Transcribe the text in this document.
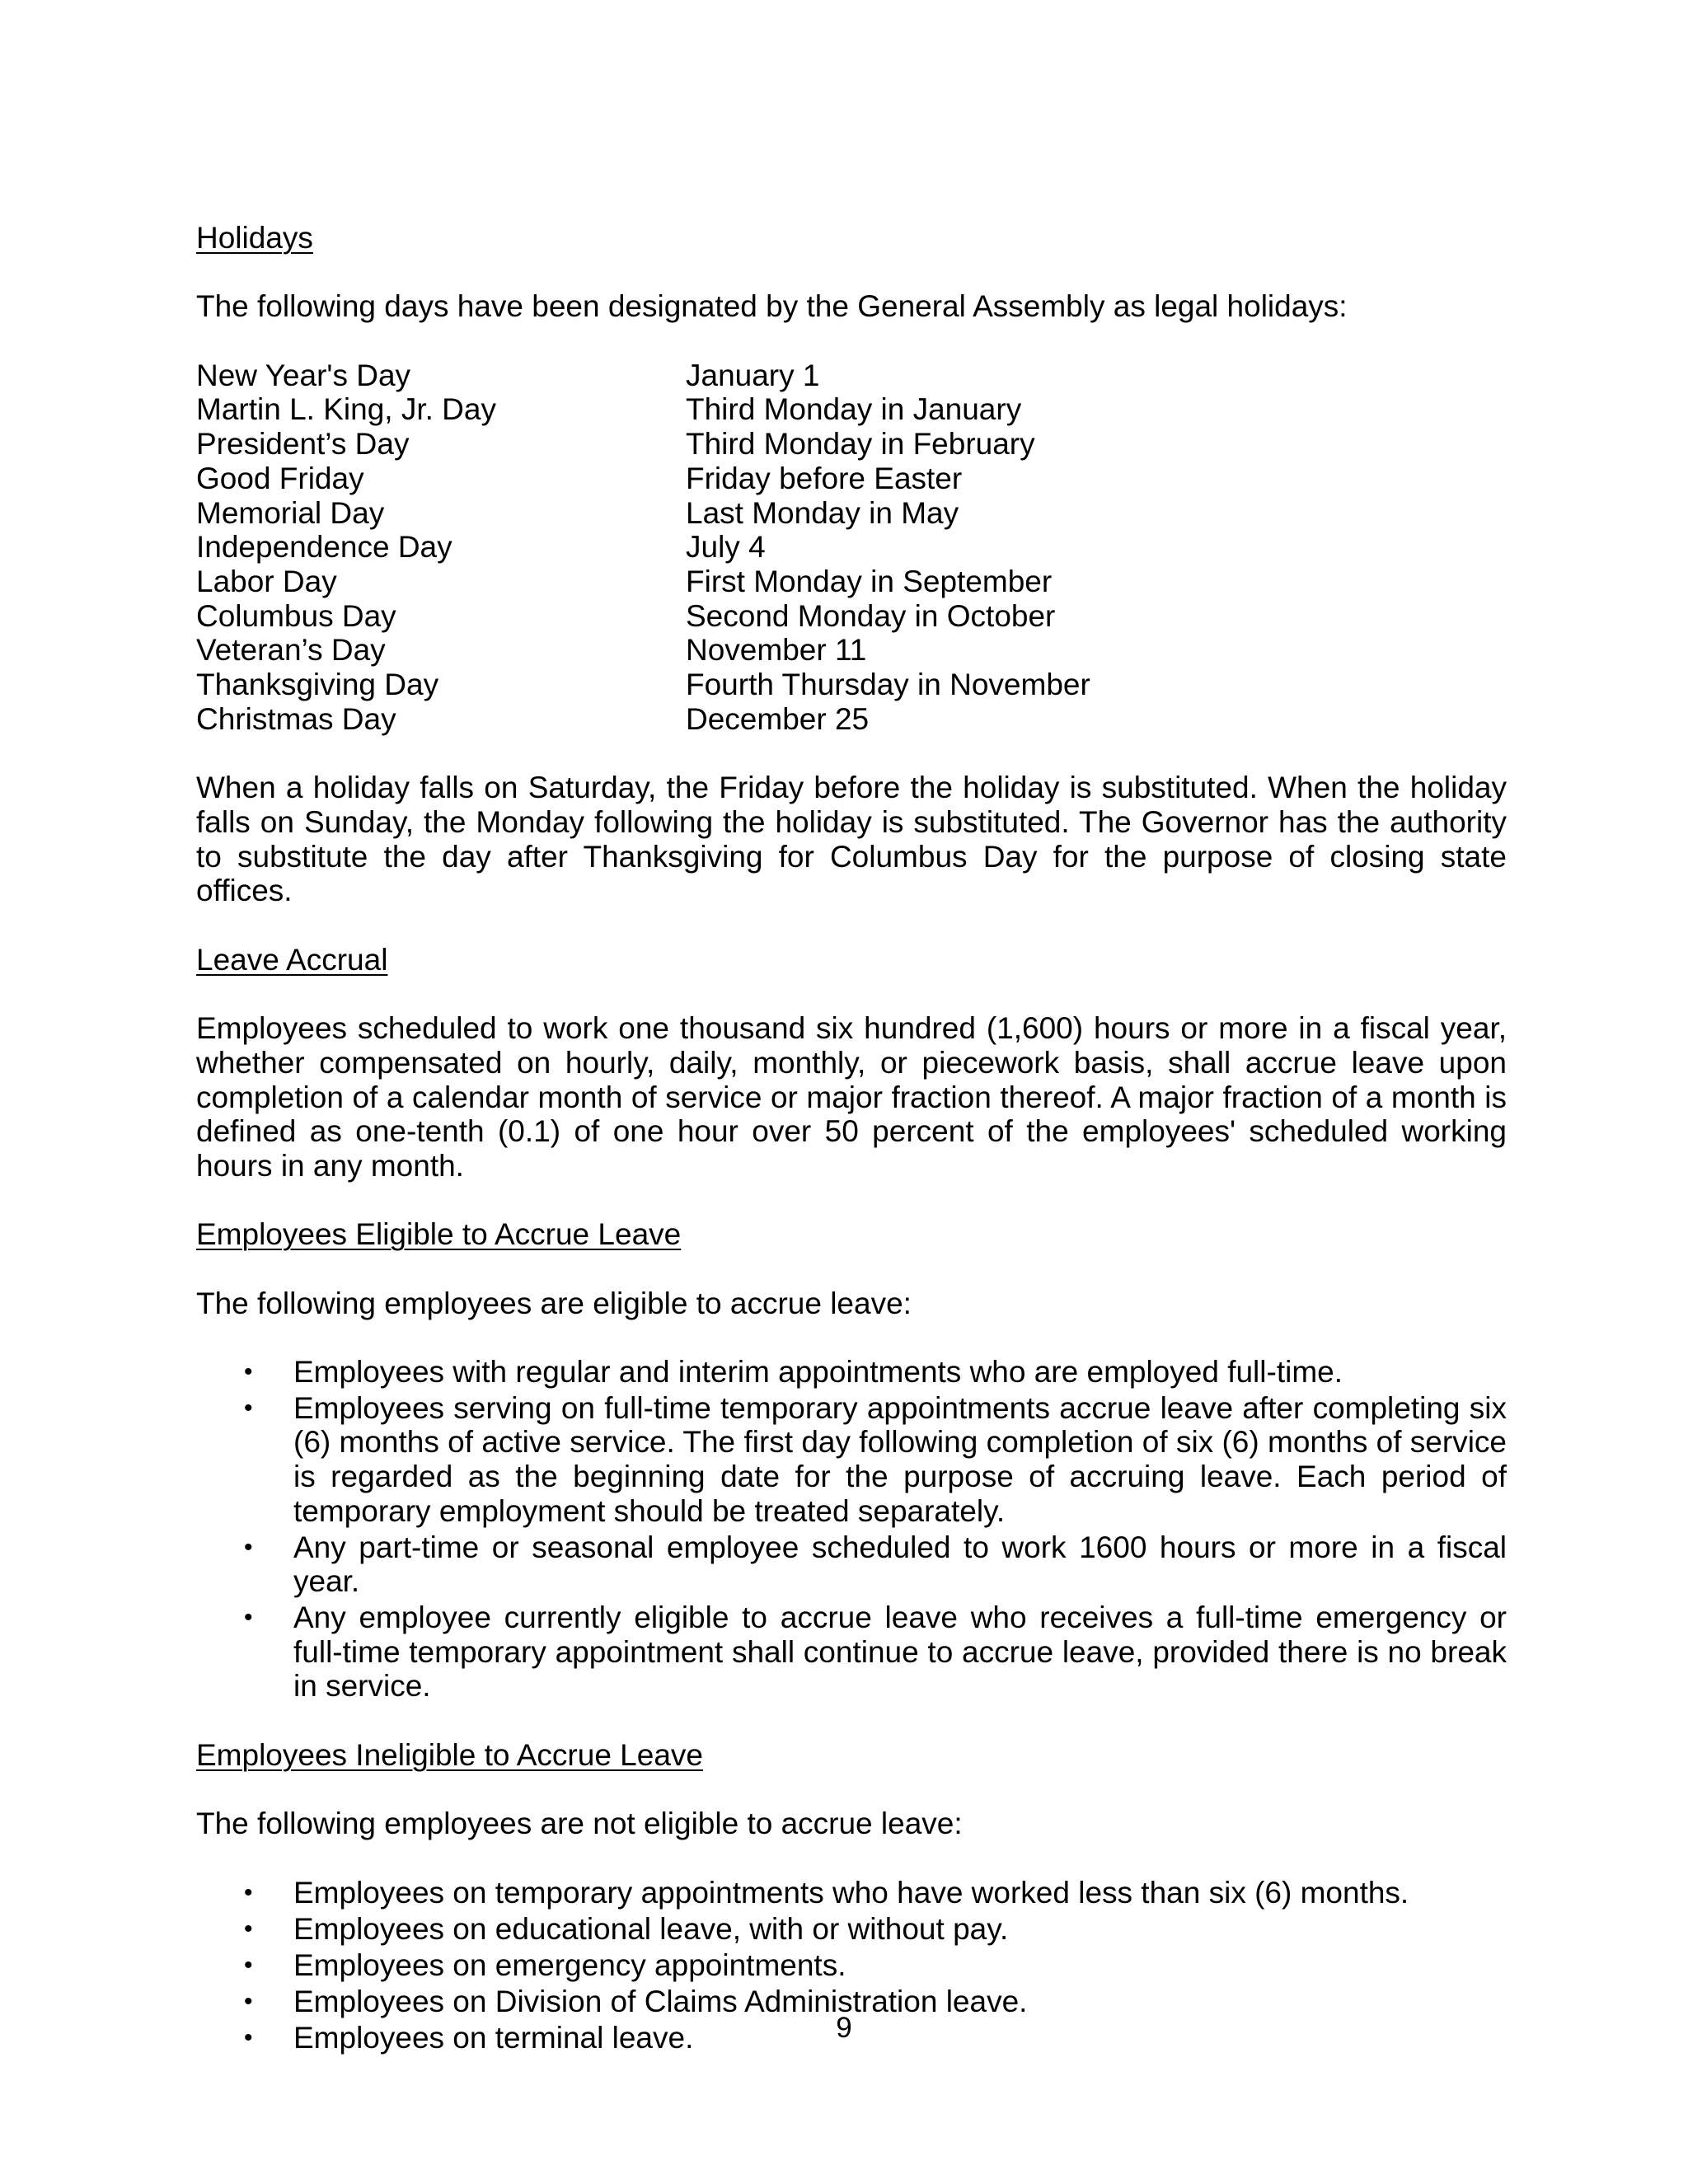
Holidays

The following days have been designated by the General Assembly as legal holidays:

New Year's Day	January 1
Martin L. King, Jr. Day	Third Monday in January
President’s Day	Third Monday in February
Good Friday	Friday before Easter
Memorial Day	Last Monday in May
Independence Day	July 4
Labor Day	First Monday in September
Columbus Day	Second Monday in October
Veteran’s Day	November 11
Thanksgiving Day	Fourth Thursday in November
Christmas Day	December 25

When a holiday falls on Saturday, the Friday before the holiday is substituted. When the holiday falls on Sunday, the Monday following the holiday is substituted. The Governor has the authority to substitute the day after Thanksgiving for Columbus Day for the purpose of closing state offices.

Leave Accrual

Employees scheduled to work one thousand six hundred (1,600) hours or more in a fiscal year, whether compensated on hourly, daily, monthly, or piecework basis, shall accrue leave upon completion of a calendar month of service or major fraction thereof. A major fraction of a month is defined as one-tenth (0.1) of one hour over 50 percent of the employees' scheduled working hours in any month.

Employees Eligible to Accrue Leave

The following employees are eligible to accrue leave:

• Employees with regular and interim appointments who are employed full-time.
• Employees serving on full-time temporary appointments accrue leave after completing six (6) months of active service. The first day following completion of six (6) months of service is regarded as the beginning date for the purpose of accruing leave. Each period of temporary employment should be treated separately.
• Any part-time or seasonal employee scheduled to work 1600 hours or more in a fiscal year.
• Any employee currently eligible to accrue leave who receives a full-time emergency or full-time temporary appointment shall continue to accrue leave, provided there is no break in service.
Employees Ineligible to Accrue Leave

The following employees are not eligible to accrue leave:

• Employees on temporary appointments who have worked less than six (6) months.
• Employees on educational leave, with or without pay.
• Employees on emergency appointments.
• Employees on Division of Claims Administration leave.
• Employees on terminal leave.	9
